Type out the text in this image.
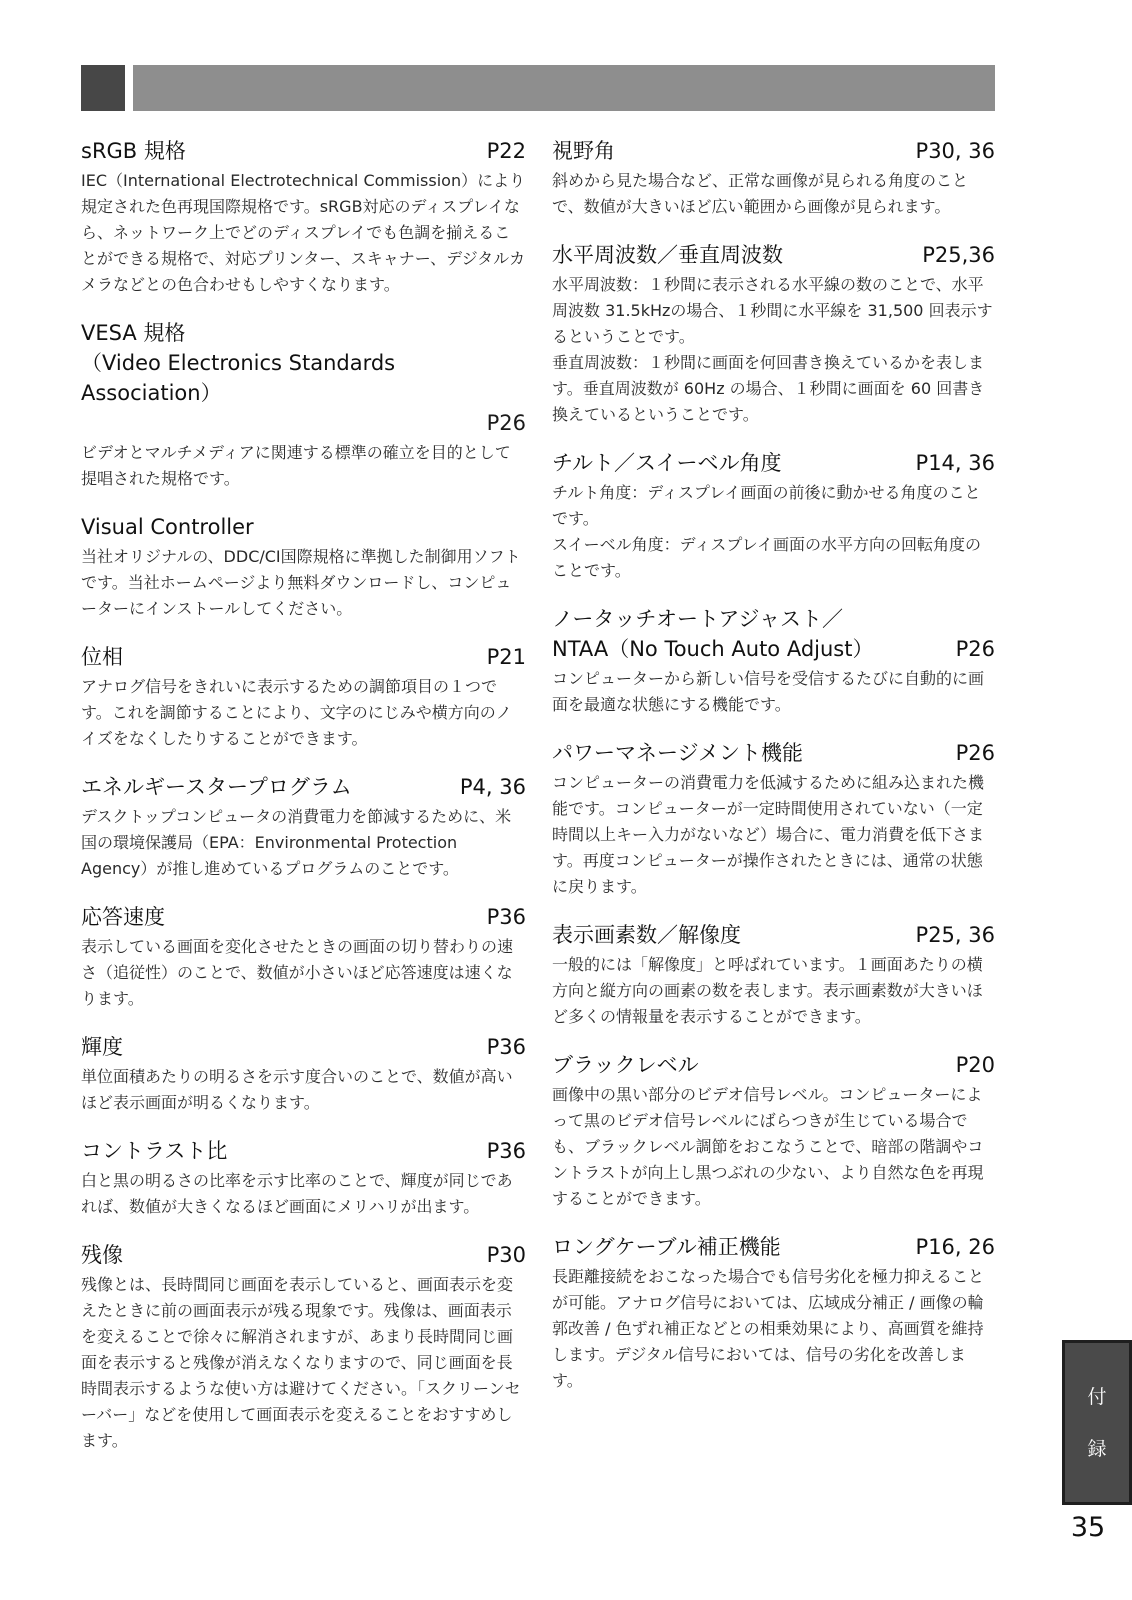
sRGB 規格	P22

IEC（International Electrotechnical Commission）により規定された色再現国際規格です。sRGB対応のディスプレイなら、ネットワーク上でどのディスプレイでも色調を揃えることができる規格で、対応プリンター、スキャナー、デジタルカメラなどとの色合わせもしやすくなります。

VESA 規格
（Video Electronics Standards Association）
P26

ビデオとマルチメディアに関連する標準の確立を目的として提唱された規格です。

Visual Controller

当社オリジナルの、DDC/CI国際規格に準拠した制御用ソフトです。当社ホームページより無料ダウンロードし、コンピューターにインストールしてください。

位相	P21

アナログ信号をきれいに表示するための調節項目の１つです。これを調節することにより、文字のにじみや横方向のノイズをなくしたりすることができます。

エネルギースタープログラム	P4, 36

デスクトップコンピュータの消費電力を節減するために、米国の環境保護局（EPA：Environmental Protection Agency）が推し進めているプログラムのことです。

応答速度	P36

表示している画面を変化させたときの画面の切り替わりの速さ（追従性）のことで、数値が小さいほど応答速度は速くなります。

輝度	P36

単位面積あたりの明るさを示す度合いのことで、数値が高いほど表示画面が明るくなります。

コントラスト比	P36

白と黒の明るさの比率を示す比率のことで、輝度が同じであれば、数値が大きくなるほど画面にメリハリが出ます。

残像	P30

残像とは、長時間同じ画面を表示していると、画面表示を変えたときに前の画面表示が残る現象です。残像は、画面表示を変えることで徐々に解消されますが、あまり長時間同じ画面を表示すると残像が消えなくなりますので、同じ画面を長時間表示するような使い方は避けてください。「スクリーンセーバー」などを使用して画面表示を変えることをおすすめします。

視野角	P30, 36

斜めから見た場合など、正常な画像が見られる角度のことで、数値が大きいほど広い範囲から画像が見られます。

水平周波数／垂直周波数	P25,36

水平周波数：１秒間に表示される水平線の数のことで、水平周波数 31.5kHzの場合、１秒間に水平線を 31,500 回表示するということです。

垂直周波数：１秒間に画面を何回書き換えているかを表します。垂直周波数が 60Hz の場合、１秒間に画面を 60 回書き換えているということです。

チルト／スイーベル角度	P14, 36

チルト角度：ディスプレイ画面の前後に動かせる角度のことです。

スイーベル角度：ディスプレイ画面の水平方向の回転角度のことです。

ノータッチオートアジャスト／
NTAA（No Touch Auto Adjust）	P26

コンピューターから新しい信号を受信するたびに自動的に画面を最適な状態にする機能です。

パワーマネージメント機能	P26

コンピューターの消費電力を低減するために組み込まれた機能です。コンピューターが一定時間使用されていない（一定時間以上キー入力がないなど）場合に、電力消費を低下さます。再度コンピューターが操作されたときには、通常の状態に戻ります。

表示画素数／解像度	P25, 36

一般的には「解像度」と呼ばれています。１画面あたりの横方向と縦方向の画素の数を表します。表示画素数が大きいほど多くの情報量を表示することができます。

ブラックレベル	P20

画像中の黒い部分のビデオ信号レベル。コンピューターによって黒のビデオ信号レベルにばらつきが生じている場合でも、ブラックレベル調節をおこなうことで、暗部の階調やコントラストが向上し黒つぶれの少ない、より自然な色を再現することができます。

ロングケーブル補正機能	P16, 26

長距離接続をおこなった場合でも信号劣化を極力抑えることが可能。アナログ信号においては、広域成分補正 / 画像の輪郭改善 / 色ずれ補正などとの相乗効果により、高画質を維持します。デジタル信号においては、信号の劣化を改善します。

付
録
35
